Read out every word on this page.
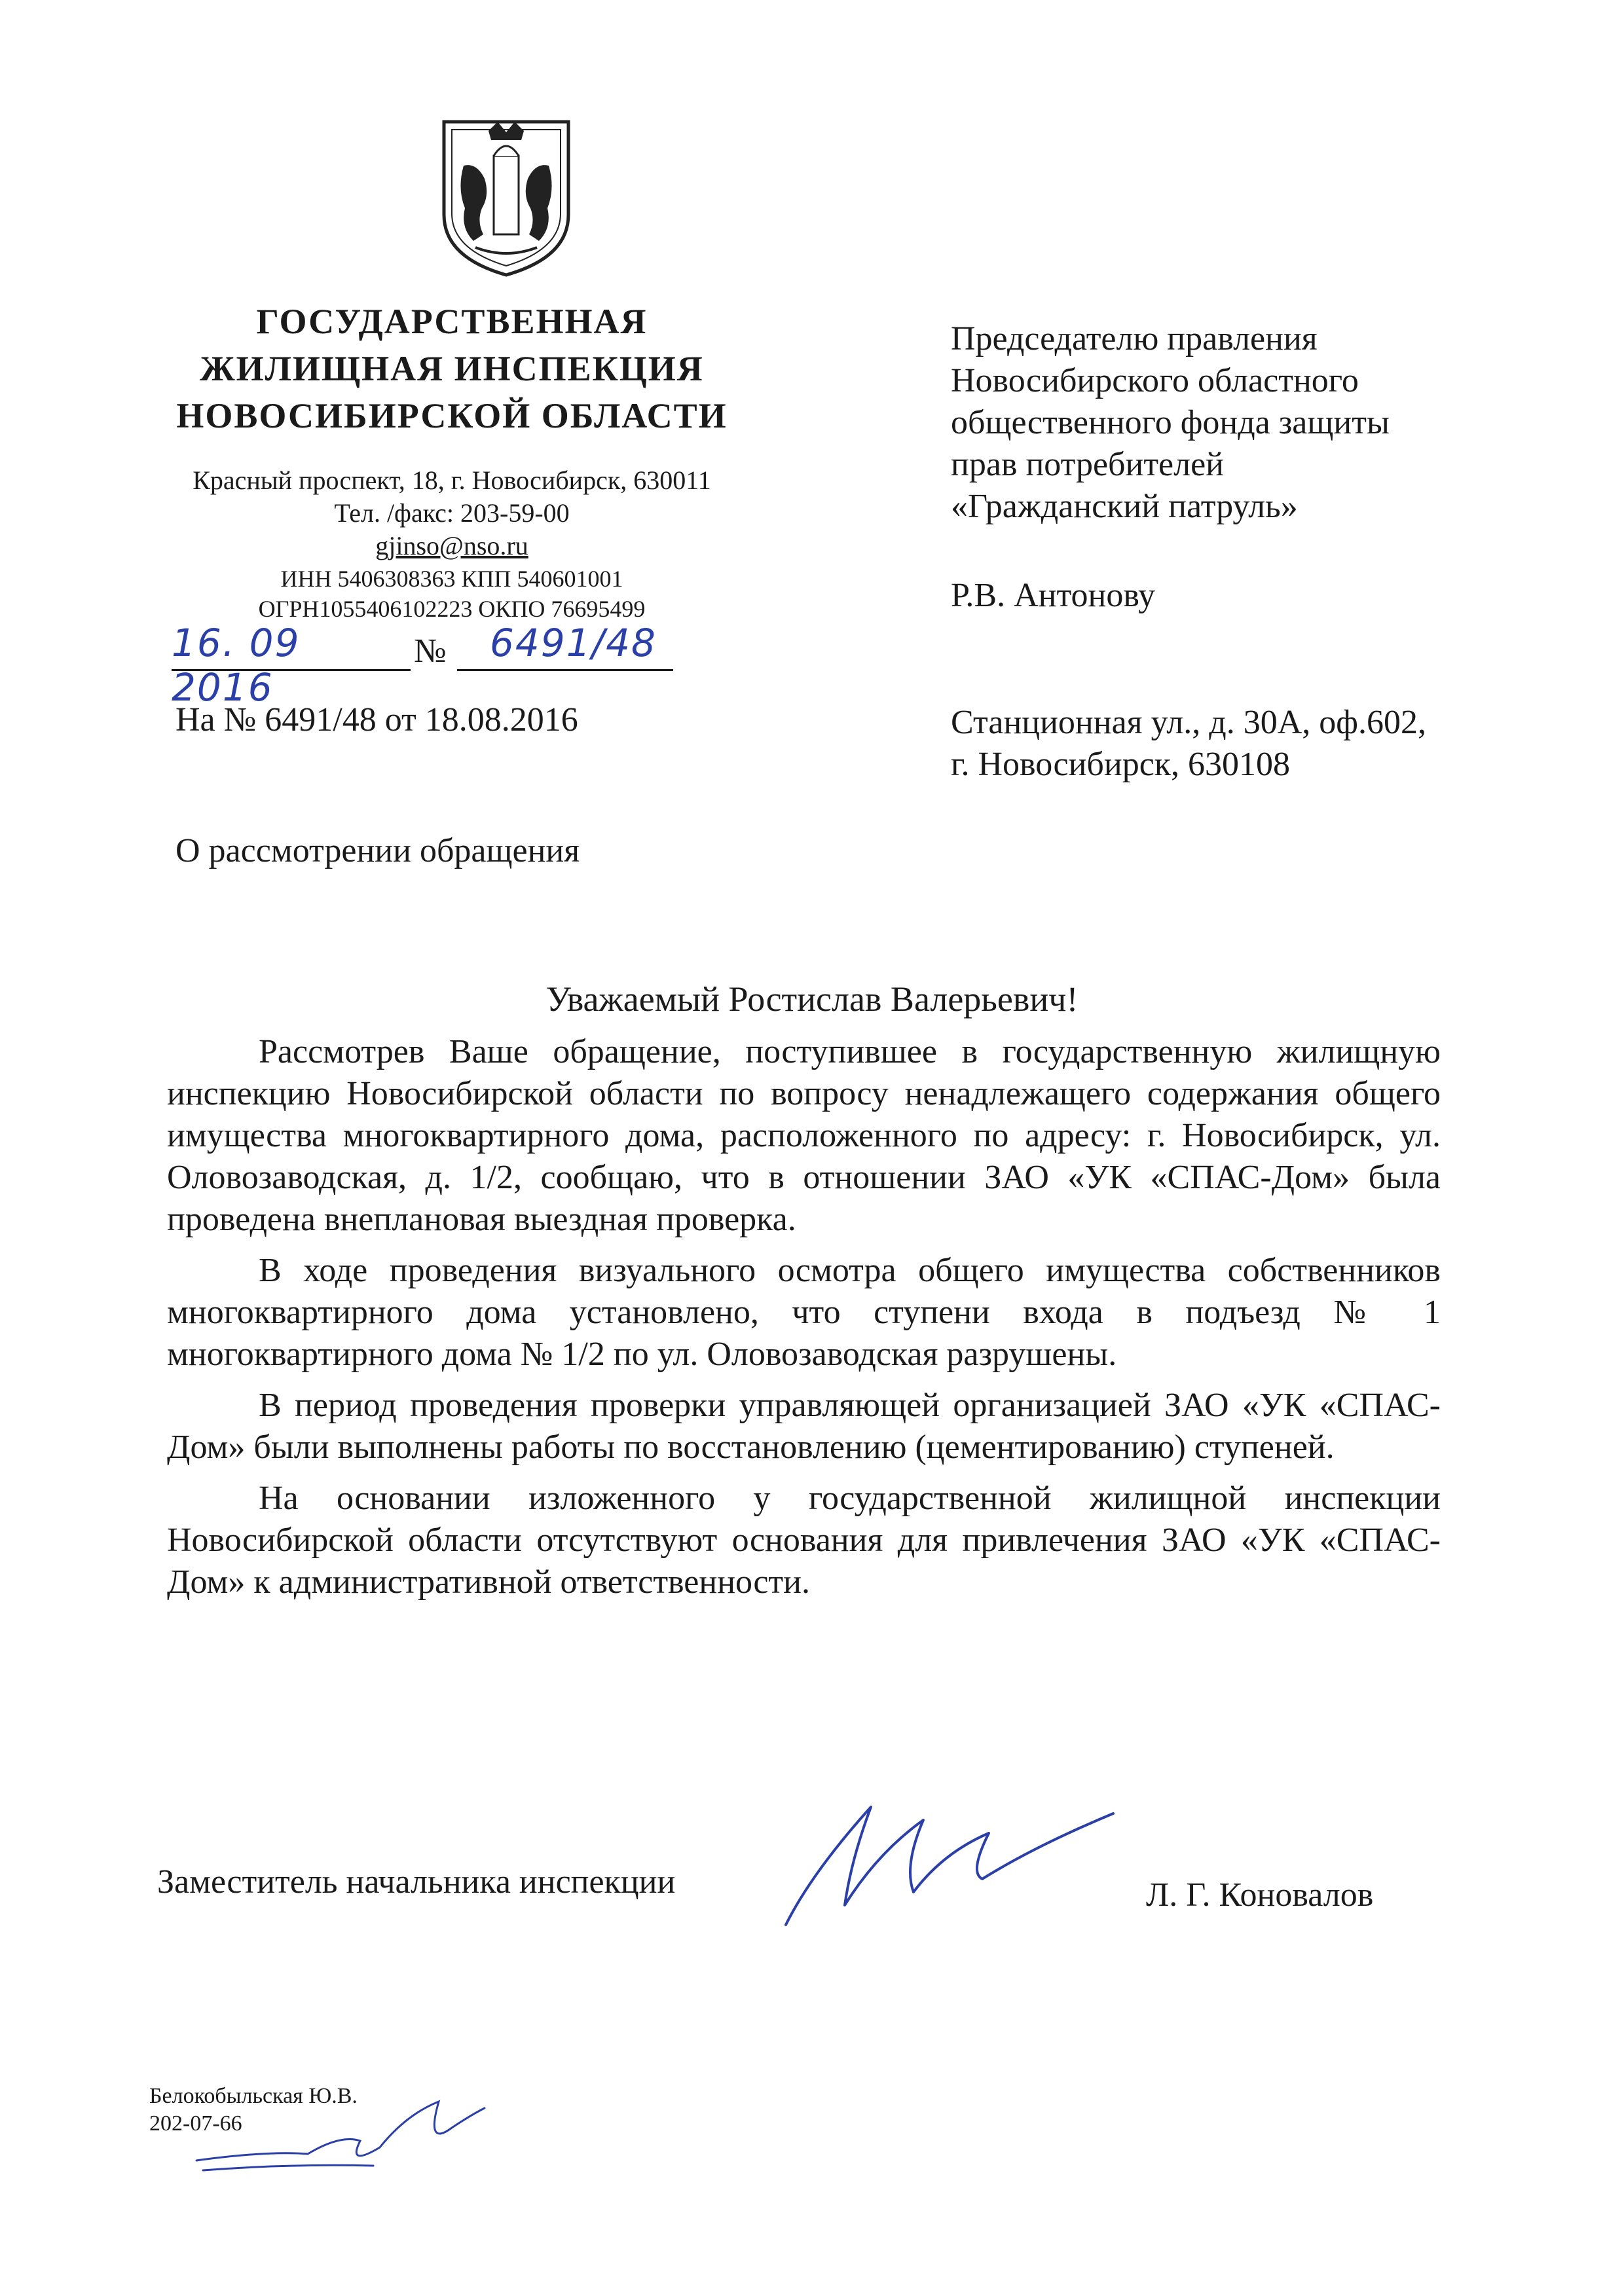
ГОСУДАРСТВЕННАЯ
ЖИЛИЩНАЯ ИНСПЕКЦИЯ
НОВОСИБИРСКОЙ ОБЛАСТИ
Красный проспект, 18, г. Новосибирск, 630011
Тел. /факс: 203-59-00
gjinso@nso.ru
ИНН 5406308363 КПП 540601001
ОГРН1055406102223 ОКПО 76695499
16. 09 2016
№	6491/48
На № 6491/48 от 18.08.2016
Председателю правления
Новосибирского областного
общественного фонда защиты
прав потребителей
«Гражданский патруль»
Р.В. Антонову
Станционная ул., д. 30А, оф.602,
г. Новосибирск, 630108
О рассмотрении обращения
Уважаемый Ростислав Валерьевич!

Рассмотрев Ваше обращение, поступившее в государственную жилищную инспекцию Новосибирской области по вопросу ненадлежащего содержания общего имущества многоквартирного дома, расположенного по адресу: г. Новосибирск, ул. Оловозаводская, д. 1/2, сообщаю, что в отношении ЗАО «УК «СПАС-Дом» была проведена внеплановая выездная проверка.

В ходе проведения визуального осмотра общего имущества собственников многоквартирного дома установлено, что ступени входа в подъезд № 1 многоквартирного дома № 1/2 по ул. Оловозаводская разрушены.

В период проведения проверки управляющей организацией ЗАО «УК «СПАС-Дом» были выполнены работы по восстановлению (цементированию) ступеней.

На основании изложенного у государственной жилищной инспекции Новосибирской области отсутствуют основания для привлечения ЗАО «УК «СПАС-Дом» к административной ответственности.

Заместитель начальника инспекции	Л. Г. Коновалов
Белокобыльская Ю.В.
202-07-66
